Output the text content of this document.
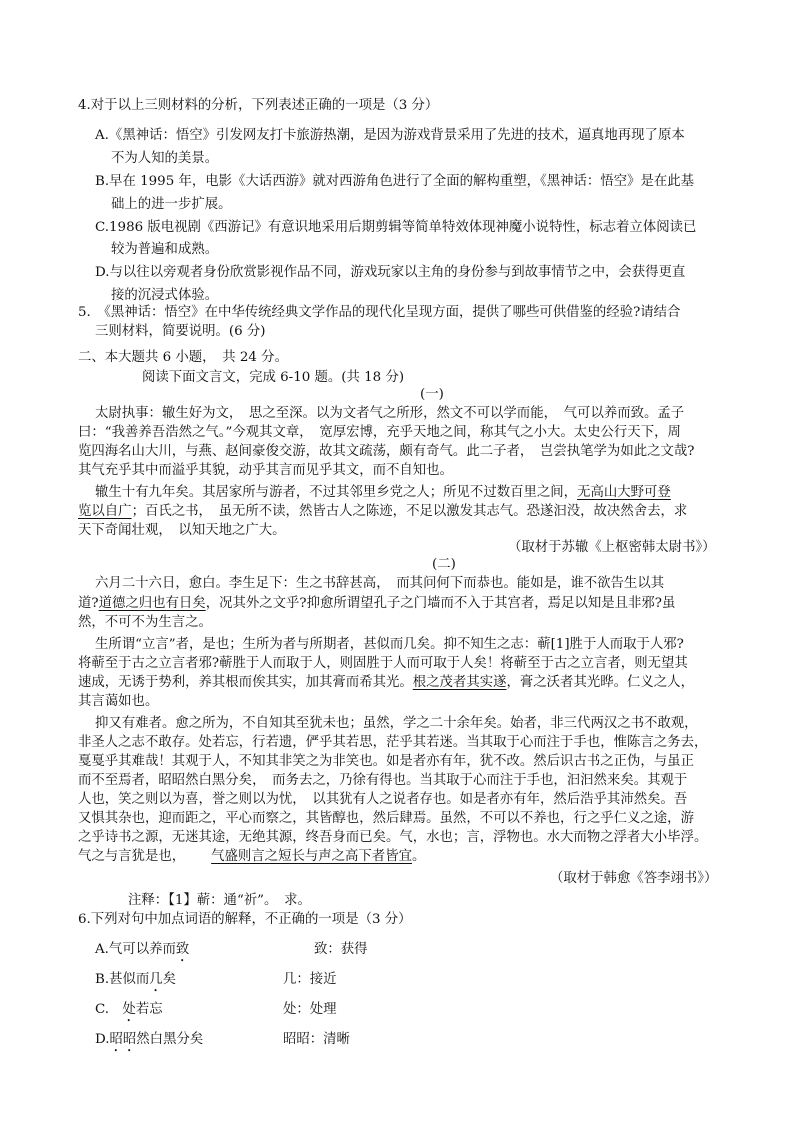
4.对于以上三则材料的分析，下列表述正确的一项是（3 分）
A.《黑神话：悟空》引发网友打卡旅游热潮，是因为游戏背景采用了先进的技术，逼真地再现了原本
不为人知的美景。
B.早在 1995 年，电影《大话西游》就对西游角色进行了全面的解构重塑，《黑神话：悟空》是在此基
础上的进一步扩展。
C.1986 版电视剧《西游记》有意识地采用后期剪辑等简单特效体现神魔小说特性，标志着立体阅读已
较为普遍和成熟。
D.与以往以旁观者身份欣赏影视作品不同，游戏玩家以主角的身份参与到故事情节之中，会获得更直
接的沉浸式体验。
5.　《黑神话：悟空》在中华传统经典文学作品的现代化呈现方面，提供了哪些可供借鉴的经验?请结合
三则材料，简要说明。(6 分)
二、本大题共 6 小题，　共 24 分。
阅读下面文言文，完成 6-10 题。(共 18 分)
(一)
太尉执事：辙生好为文，　思之至深。以为文者气之所形，然文不可以学而能，　气可以养而致。孟子
曰：“我善养吾浩然之气。”今观其文章，　宽厚宏博，充乎天地之间，称其气之小大。太史公行天下，周
览四海名山大川，与燕、赵间豪俊交游，故其文疏荡，颇有奇气。此二子者，　岂尝执笔学为如此之文哉?
其气充乎其中而溢乎其貌，动乎其言而见乎其文，而不自知也。
辙生十有九年矣。其居家所与游者，不过其邻里乡党之人；所见不过数百里之间，无高山大野可登
览以自广；百氏之书，　虽无所不读，然皆古人之陈迹，不足以激发其志气。恐遂汩没，故决然舍去，求
天下奇闻壮观，　以知天地之广大。
（取材于苏辙《上枢密韩太尉书》）
(二)
六月二十六日，愈白。李生足下：生之书辞甚高，　而其问何下而恭也。能如是，谁不欲告生以其
道?道德之归也有日矣，况其外之文乎?抑愈所谓望孔子之门墙而不入于其宫者，焉足以知是且非邪?虽
然，不可不为生言之。
生所谓“立言”者，是也；生所为者与所期者，甚似而几矣。抑不知生之志：蕲[1]胜于人而取于人邪?
将蕲至于古之立言者邪?蕲胜于人而取于人，则固胜于人而可取于人矣！将蕲至于古之立言者，则无望其
速成，无诱于势利，养其根而俟其实，加其膏而希其光。根之茂者其实遂，膏之沃者其光晔。仁义之人，
其言蔼如也。
抑又有难者。愈之所为，不自知其至犹未也；虽然，学之二十余年矣。始者，非三代两汉之书不敢观，
非圣人之志不敢存。处若忘，行若遗，俨乎其若思，茫乎其若迷。当其取于心而注于手也，惟陈言之务去，
戛戛乎其难哉！其观于人，不知其非笑之为非笑也。如是者亦有年，犹不改。然后识古书之正伪，与虽正
而不至焉者，昭昭然白黑分矣，　而务去之，乃徐有得也。当其取于心而注于手也，汩汩然来矣。其观于
人也，笑之则以为喜，誉之则以为忧，　以其犹有人之说者存也。如是者亦有年，然后浩乎其沛然矣。吾
又惧其杂也，迎而距之，平心而察之，其皆醇也，然后肆焉。虽然，不可以不养也，行之乎仁义之途，游
之乎诗书之源，无迷其途，无绝其源，终吾身而已矣。气，水也；言，浮物也。水大而物之浮者大小毕浮。
气之与言犹是也， 气盛则言之短长与声之高下者皆宜。
（取材于韩愈《答李翊书》）
注释：【1】蕲：通“祈”。　求。
6.下列对句中加点词语的解释，不正确的一项是（3 分）
A.气可以养而致	致：获得
B.甚似而几矣	几：接近
C.　处若忘	处：处理
D.昭昭然白黑分矣	昭昭：清晰
